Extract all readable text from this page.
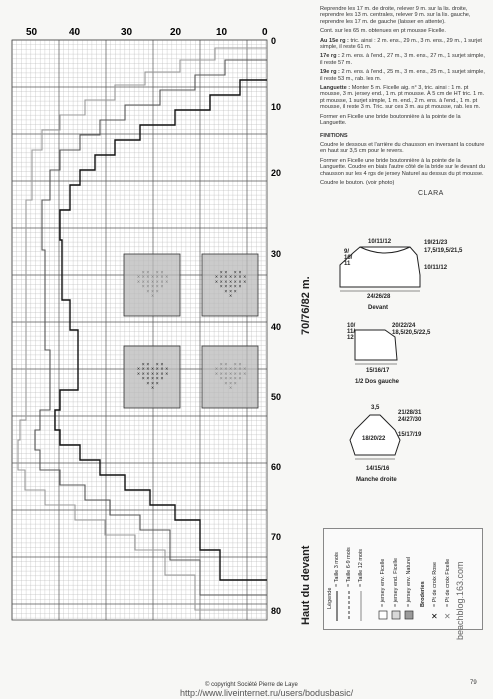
× × × ×
× × × × × × ×
× × × × × × ×
× × × × ×
× × ×
×
× × × ×
× × × × × × ×
× × × × × × ×
× × × × ×
× × ×
×
× × × ×
× × × × × × ×
× × × × × × ×
× × × × ×
× × ×
×
× × × ×
× × × × × × ×
× × × × × × ×
× × × × ×
× × ×
×
50	40	30	20	10	0
0
10
20
30
40
50
60
70
80
70/76/82 m.
Haut du devant

Reprendre les 17 m. de droite, relever 9 m. sur la lis. droite, reprendre les 13 m. centrales, relever 9 m. sur la lis. gauche, reprendre les 17 m. de gauche (laisser en attente).

Cont. sur les 65 m. obtenues en pt mousse Ficelle.

Au 15e rg : tric. ainsi : 2 m. ens., 29 m., 3 m. ens., 29 m., 1 surjet simple, il reste 61 m.

17e rg : 2 m. ens. à l'end., 27 m., 3 m. ens., 27 m., 1 surjet simple, il reste 57 m.

19e rg : 2 m. ens. à l'end., 25 m., 3 m. ens., 25 m., 1 surjet simple, il reste 53 m., rab. les m.

Languette : Monter 5 m. Ficelle aig. n° 3, tric. ainsi : 1 m. pt mousse, 3 m. jersey end., 1 m. pt mousse. À 5 cm de HT tric. 1 m. pt mousse, 1 surjet simple, 1 m. end., 2 m. ens. à l'end., 1 m. pt mousse, il reste 3 m. Tric. sur ces 3 m. au pt mousse, rab. les m.

Former en Ficelle une bride boutonnière à la pointe de la Languette.

FINITIONS

Coudre le dessous et l'arrière du chausson en inversant la couture en haut sur 3,5 cm pour le revers.

Former en Ficelle une bride boutonnière à la pointe de la Languette. Coudre en biais l'autre côté de la bride sur le devant du chausson sur les 4 rgs de jersey Naturel au dessus du pt mousse.

Coudre le bouton. (voir photo)

CLARA
10/11/12
9/ 10/ 11
19/21/23
17,5/19,5/21,5
10/11/12
24/26/28
Devant
20/22/24
18,5/20,5/22,5
10/ 11/ 12
15/16/17
1/2 Dos gauche
3,5
21/28/31
24/27/30
15/17/19
18/20/22
14/15/16
Manche droite
✕ ✕
Légende
= Taille 3 mois = Taille 6-9 mois = Taille 12 mois	= jersey env. Ficelle = jersey end. Ficelle = jersey env. Naturel Broderies = Pt de croix Rose = Pt de croix Ficelle
© copyright Société Pierre de Laye
http://www.liveinternet.ru/users/bodusbasic/
79
beachblog.163.com
